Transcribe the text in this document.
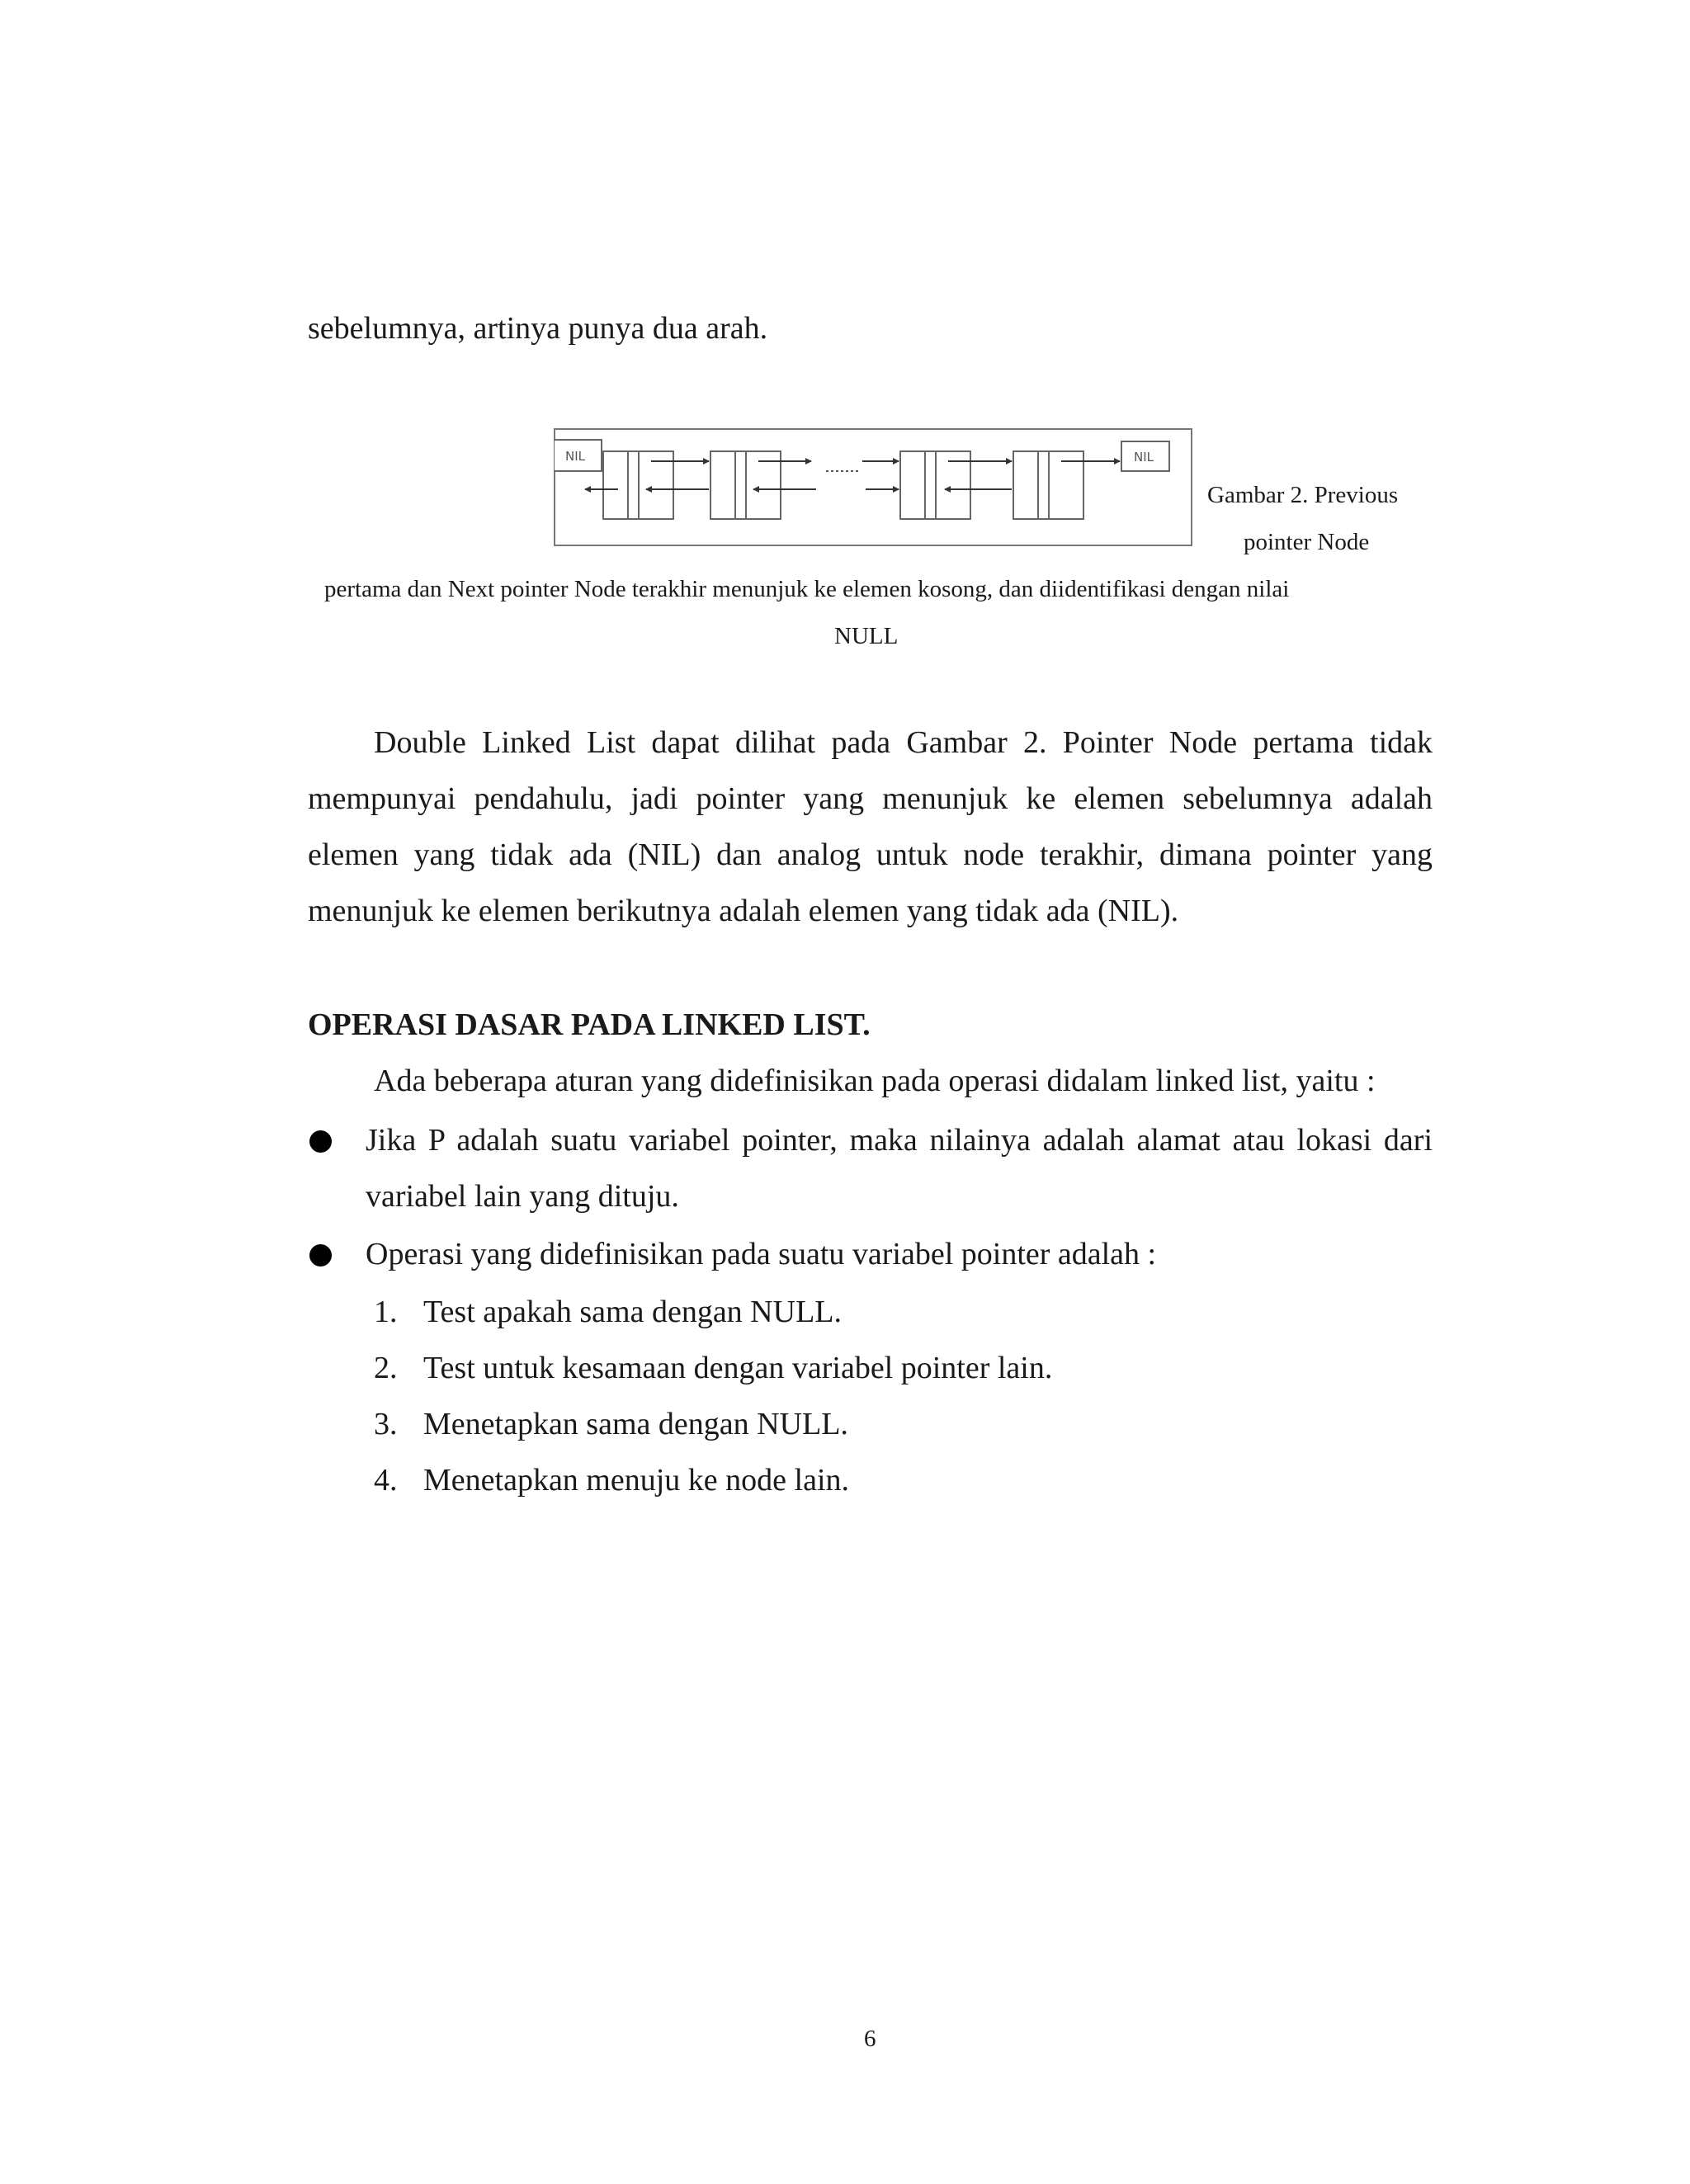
sebelumnya, artinya punya dua arah.

NIL	NIL

Gambar 2. Previous

pointer Node

pertama dan Next pointer Node terakhir menunjuk ke elemen kosong, dan diidentifikasi dengan nilai

NULL

Double Linked List dapat dilihat pada Gambar 2. Pointer Node pertama tidak

mempunyai pendahulu, jadi pointer yang menunjuk ke elemen sebelumnya adalah

elemen yang tidak ada (NIL) dan analog untuk node terakhir, dimana pointer yang

menunjuk ke elemen berikutnya adalah elemen yang tidak ada (NIL).

OPERASI DASAR PADA LINKED LIST.

Ada beberapa aturan yang didefinisikan pada operasi didalam linked list, yaitu :

Jika P adalah suatu variabel pointer, maka nilainya adalah alamat atau lokasi dari

variabel lain yang dituju.

Operasi yang didefinisikan pada suatu variabel pointer adalah :

1. Test apakah sama dengan NULL.

2. Test untuk kesamaan dengan variabel pointer lain.

3. Menetapkan sama dengan NULL.

4. Menetapkan menuju ke node lain.

6
